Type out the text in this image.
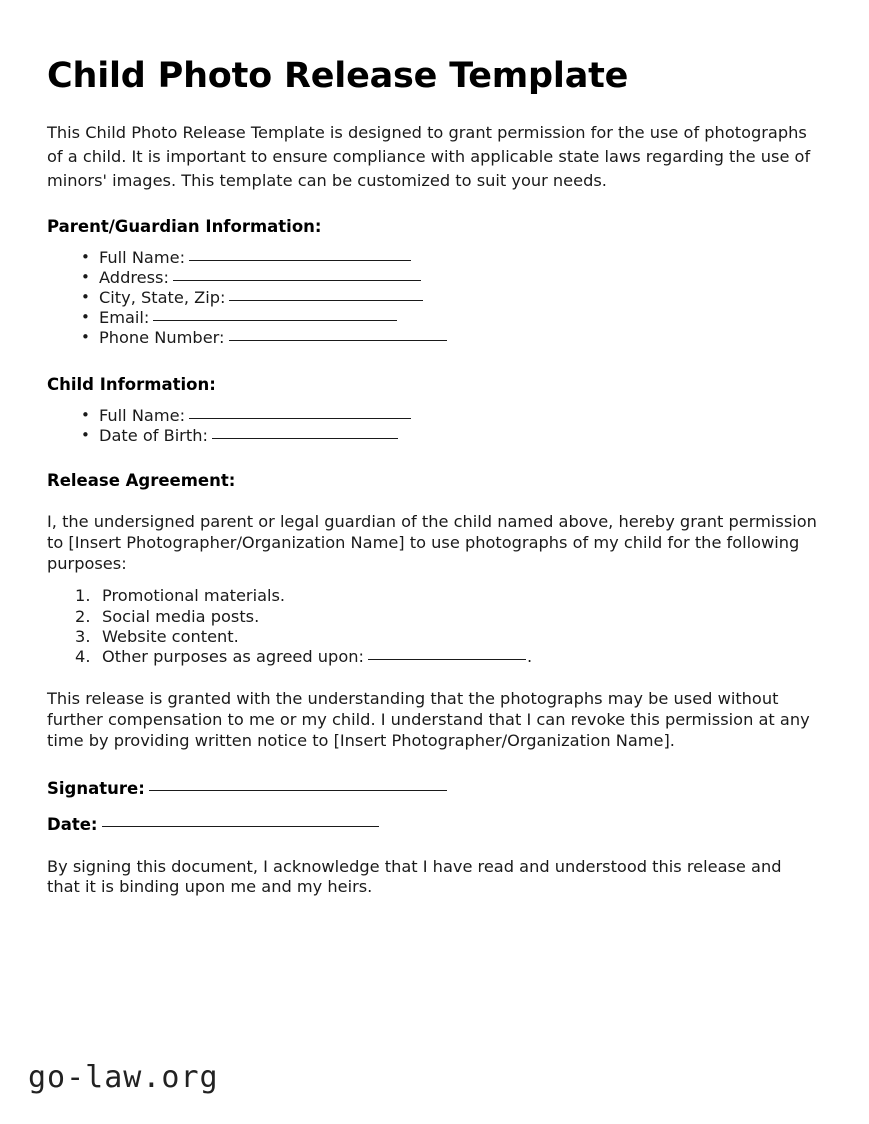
Child Photo Release Template

This Child Photo Release Template is designed to grant permission for the use of photographs of a child. It is important to ensure compliance with applicable state laws regarding the use of minors' images. This template can be customized to suit your needs.

Parent/Guardian Information:
• Full Name:
• Address:
• City, State, Zip:
• Email:
• Phone Number:
Child Information:
• Full Name:
• Date of Birth:
Release Agreement:

I, the undersigned parent or legal guardian of the child named above, hereby grant permission to [Insert Photographer/Organization Name] to use photographs of my child for the following purposes:

Promotional materials.
Social media posts.
Website content.
Other purposes as agreed upon:	.

This release is granted with the understanding that the photographs may be used without further compensation to me or my child. I understand that I can revoke this permission at any time by providing written notice to [Insert Photographer/Organization Name].

Signature:

Date:

By signing this document, I acknowledge that I have read and understood this release and that it is binding upon me and my heirs.

go-law.org
